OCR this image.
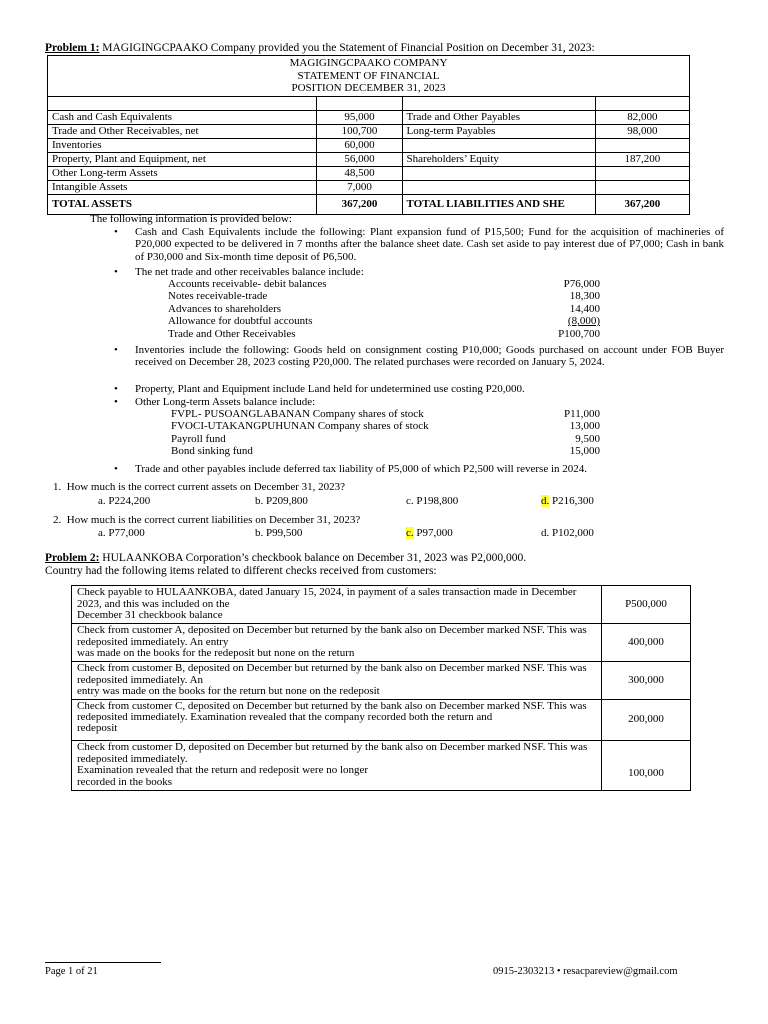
Problem 1: MAGIGINGCPAAKO Company provided you the Statement of Financial Position on December 31, 2023:
MAGIGINGCPAAKO COMPANY
STATEMENT OF FINANCIAL
POSITION DECEMBER 31, 2023			

Cash and Cash Equivalents	95,000	Trade and Other Payables	82,000
Trade and Other Receivables, net	100,700	Long-term Payables	98,000
Inventories	60,000		
Property, Plant and Equipment, net	56,000	Shareholders’ Equity	187,200
Other Long-term Assets	48,500		
Intangible Assets	7,000		
TOTAL ASSETS	367,200	TOTAL LIABILITIES AND SHE	367,200
The following information is provided below:
• Cash and Cash Equivalents include the following: Plant expansion fund of P15,500; Fund for the acquisition of machineries of P20,000 expected to be delivered in 7 months after the balance sheet date. Cash set aside to pay interest due of P7,000; Cash in bank of P30,000 and Six-month time deposit of P6,500.
• The net trade and other receivables balance include:
Accounts receivable- debit balances	P76,000
Notes receivable-trade	18,300
Advances to shareholders	14,400
Allowance for doubtful accounts	(8,000)
Trade and Other Receivables	P100,700
• Inventories include the following: Goods held on consignment costing P10,000; Goods purchased on account under FOB Buyer received on December 28, 2023 costing P20,000. The related purchases were recorded on January 5, 2024.
• Property, Plant and Equipment include Land held for undetermined use costing P20,000.
• Other Long-term Assets balance include:
FVPL- PUSOANGLABANAN Company shares of stock	P11,000
FVOCI-UTAKANGPUHUNAN Company shares of stock	13,000
Payroll fund	9,500
Bond sinking fund	15,000
• Trade and other payables include deferred tax liability of P5,000 of which P2,500 will reverse in 2024.
1.  How much is the correct current assets on December 31, 2023?
a. P224,200	b. P209,800	c. P198,800	d. P216,300
2.  How much is the correct current liabilities on December 31, 2023?
a. P77,000	b. P99,500	c. P97,000	d. P102,000
Problem 2: HULAANKOBA Corporation’s checkbook balance on December 31, 2023 was P2,000,000.
Country had the following items related to different checks received from customers:
Check payable to HULAANKOBA, dated January 15, 2024, in payment of a sales transaction made in December 2023, and this was included on the
December 31 checkbook balance	P500,000

Check from customer A, deposited on December but returned by the bank also on December marked NSF. This was redeposited immediately. An entry
was made on the books for the redeposit but none on the return	400,000

Check from customer B, deposited on December but returned by the bank also on December marked NSF. This was redeposited immediately. An
entry was made on the books for the return but none on the redeposit	300,000

Check from customer C, deposited on December but returned by the bank also on December marked NSF. This was redeposited immediately. Examination revealed that the company recorded both the return and
redeposit	200,000

Check from customer D, deposited on December but returned by the bank also on December marked NSF. This was redeposited immediately.
Examination revealed that the return and redeposit were no longer
recorded in the books	100,000
Page 1 of 21	0915-2303213 • resacpareview@gmail.com
